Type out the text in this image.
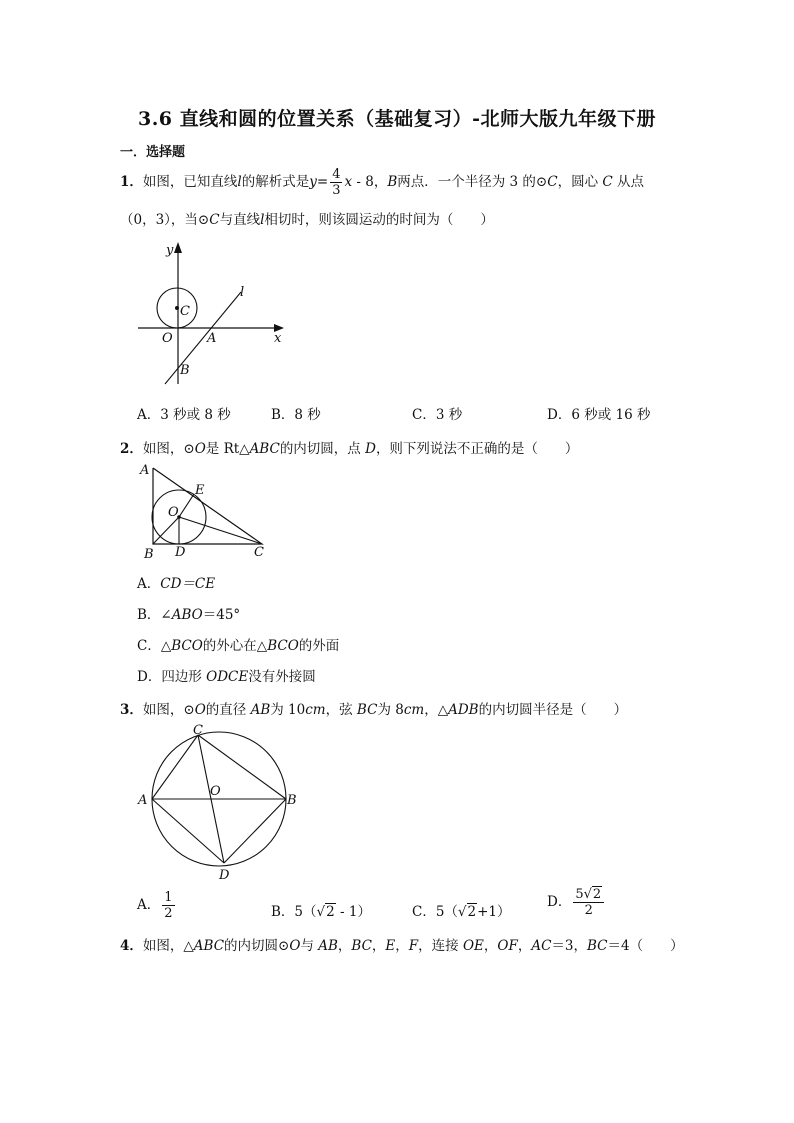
3.6 直线和圆的位置关系（基础复习）-北师大版九年级下册
一．选择题
1．如图，已知直线l的解析式是$y= \frac{4}{3}$ x - 8，B两点．一个半径为 3 的⊙C，圆心 C 从点
（0，3），当⊙C与直线l相切时，则该圆运动的时间为（　　）
y
x
l
C
O	A
B
A．3 秒或 8 秒	B．8 秒	C．3 秒	D．6 秒或 16 秒
2．如图，⊙O是 Rt△ABC的内切圆，点 D，则下列说法不正确的是（　　）
A
E
O
B D	C
A．CD＝CE
B．∠ABO＝45°
C．△BCO的外心在△BCO的外面
D．四边形 ODCE没有外接圆
3．如图，⊙O的直径 AB为 10cm，弦 BC为 8cm，△ADB的内切圆半径是（　　）
C
A
O
B
D
A． $\frac{1}{2}$	B．5（√2 - 1）	C．5（√2+1）
D． $\frac{5√2}{2}$
4．如图，△ABC的内切圆⊙O与 AB，BC，E，F，连接 OE，OF，AC＝3，BC＝4（　　）
